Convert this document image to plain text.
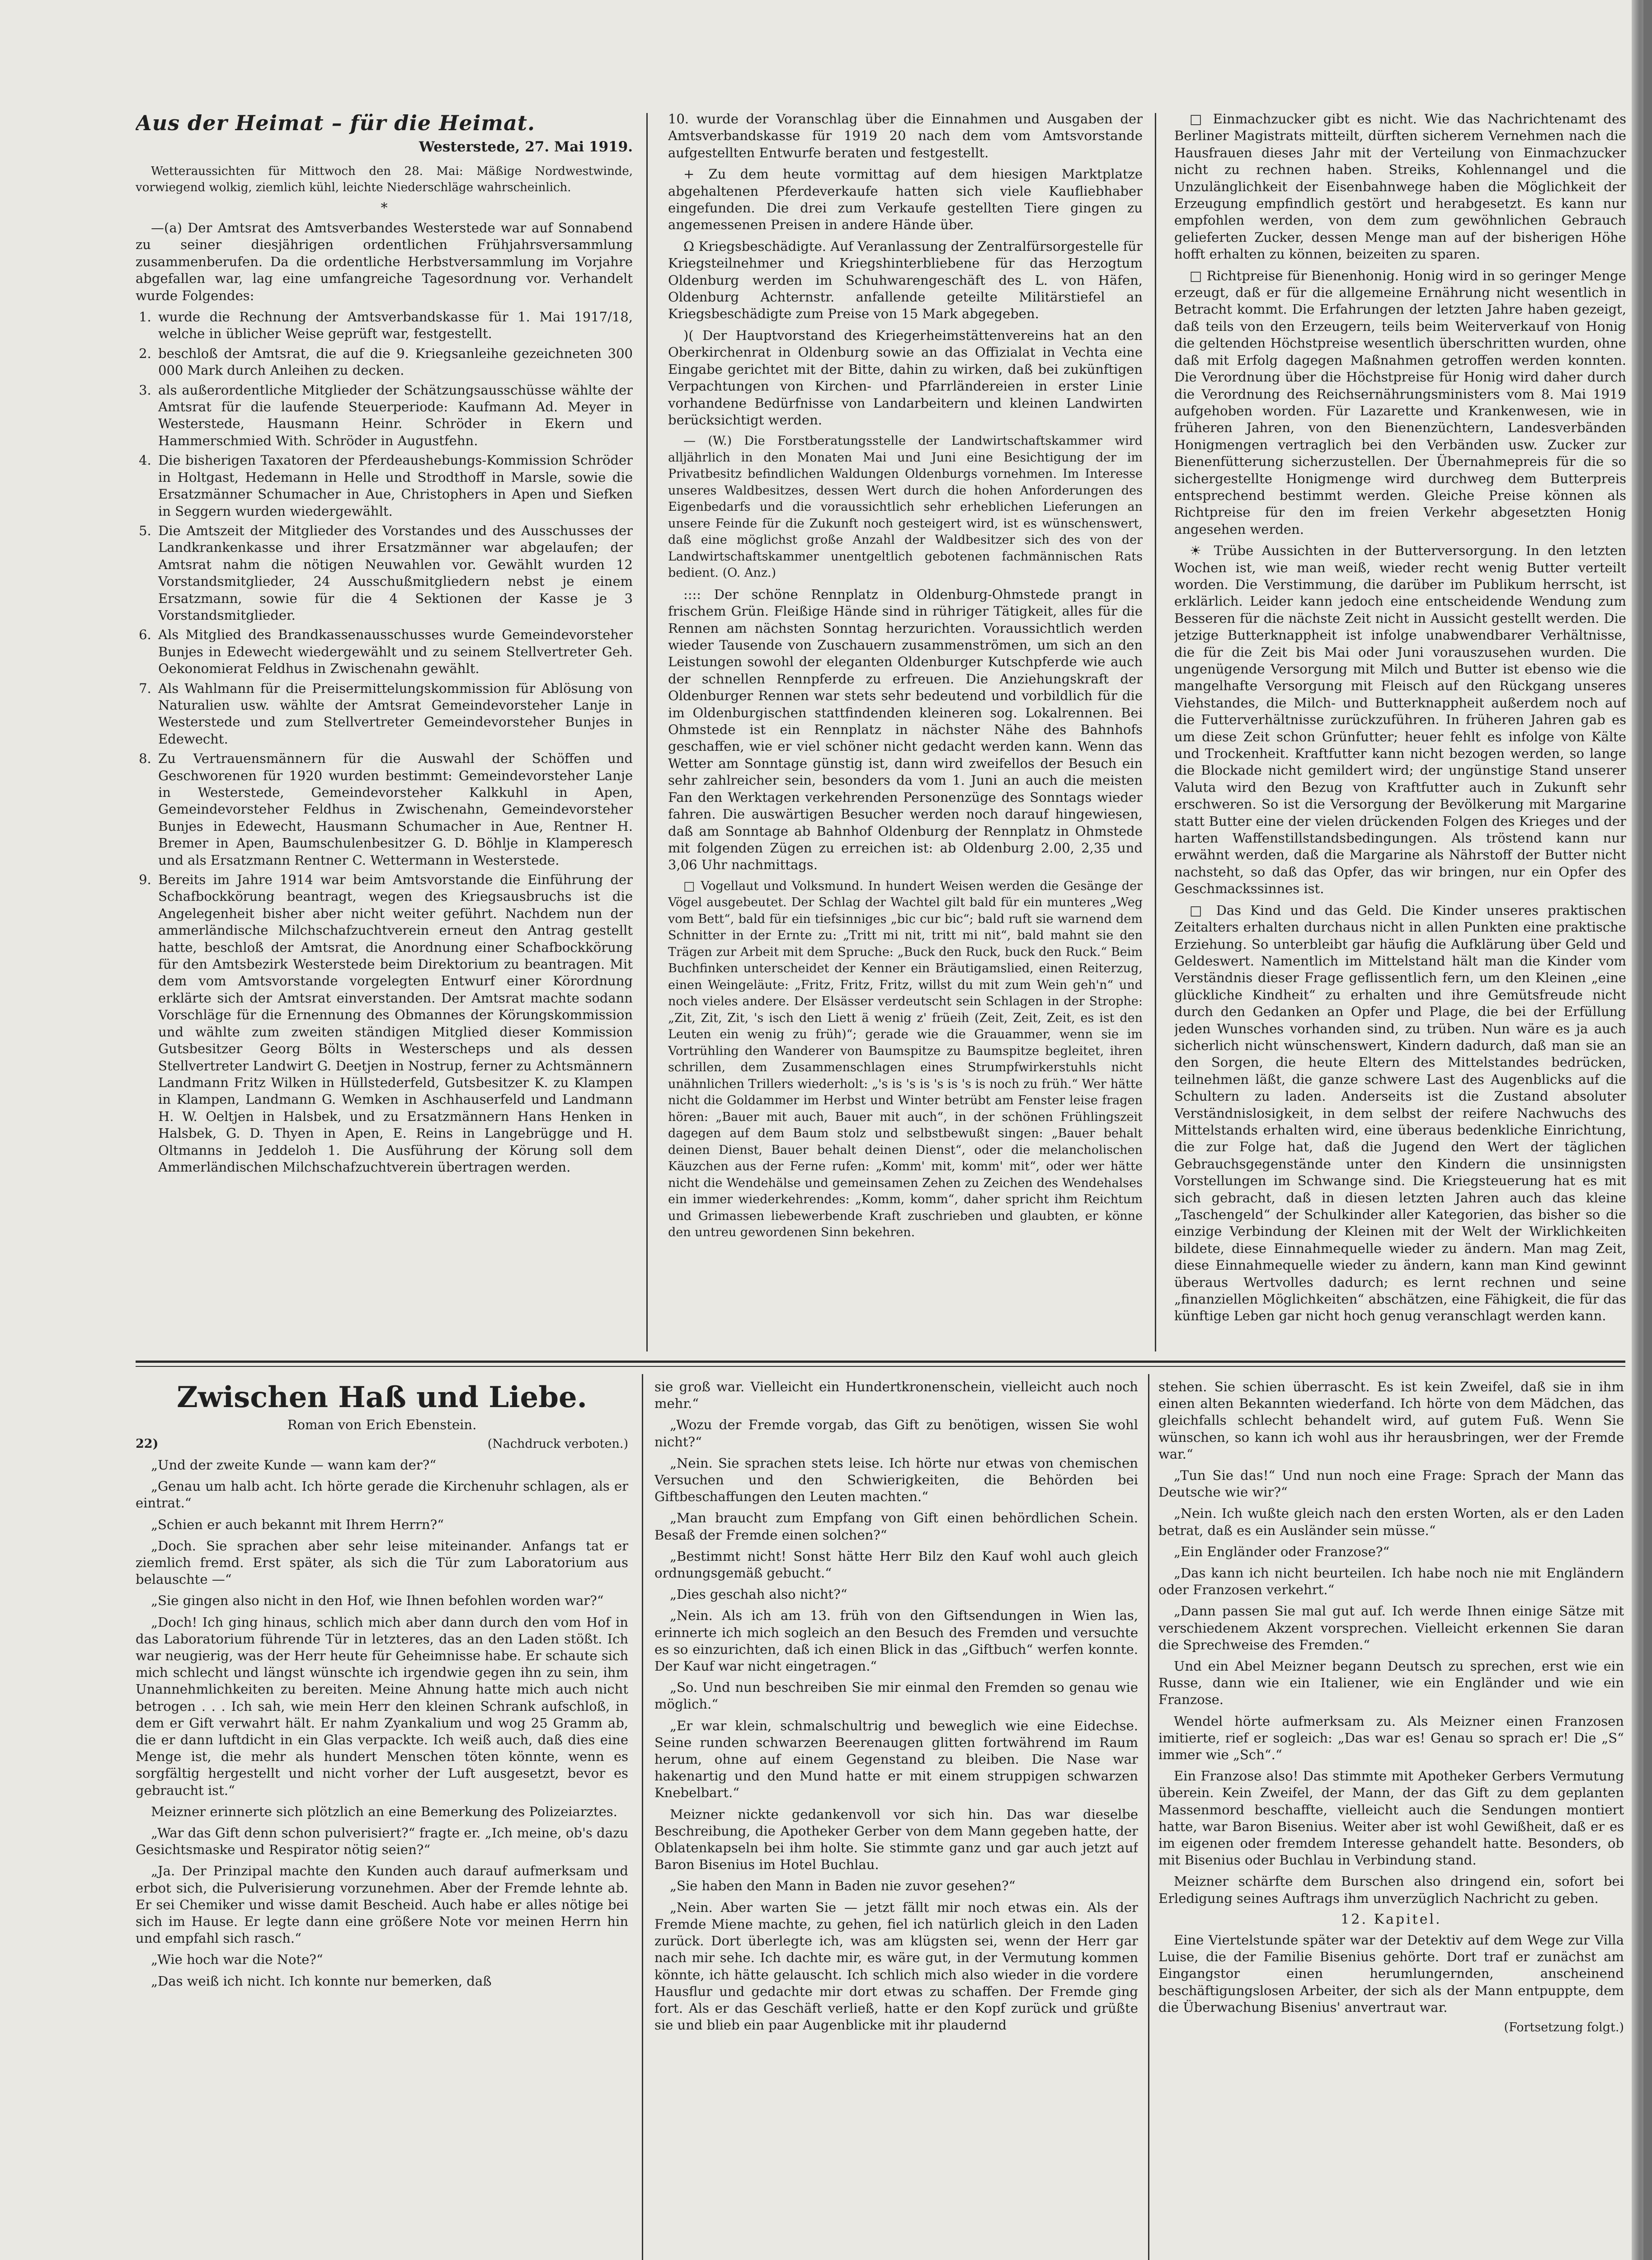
Aus der Heimat – für die Heimat.
Westerstede, 27. Mai 1919.

Wetteraussichten für Mittwoch den 28. Mai: Mäßige Nordwestwinde, vorwiegend wolkig, ziemlich kühl, leichte Niederschläge wahrscheinlich.

*

—(a) Der Amtsrat des Amtsverbandes Westerstede war auf Sonnabend zu seiner diesjährigen ordentlichen Frühjahrsversammlung zusammenberufen. Da die ordentliche Herbstversammlung im Vorjahre abgefallen war, lag eine umfangreiche Tagesordnung vor. Verhandelt wurde Folgendes:

1. wurde die Rechnung der Amtsverbandskasse für 1. Mai 1917/18, welche in üblicher Weise geprüft war, festgestellt.
2. beschloß der Amtsrat, die auf die 9. Kriegsanleihe gezeichneten 300 000 Mark durch Anleihen zu decken.
3. als außerordentliche Mitglieder der Schätzungsausschüsse wählte der Amtsrat für die laufende Steuerperiode: Kaufmann Ad. Meyer in Westerstede, Hausmann Heinr. Schröder in Ekern und Hammerschmied With. Schröder in Augustfehn.
4. Die bisherigen Taxatoren der Pferdeaushebungs-Kommission Schröder in Holtgast, Hedemann in Helle und Strodthoff in Marsle, sowie die Ersatzmänner Schumacher in Aue, Christophers in Apen und Siefken in Seggern wurden wiedergewählt.
5. Die Amtszeit der Mitglieder des Vorstandes und des Ausschusses der Landkrankenkasse und ihrer Ersatzmänner war abgelaufen; der Amtsrat nahm die nötigen Neuwahlen vor. Gewählt wurden 12 Vorstandsmitglieder, 24 Ausschußmitgliedern nebst je einem Ersatzmann, sowie für die 4 Sektionen der Kasse je 3 Vorstandsmitglieder.
6. Als Mitglied des Brandkassenausschusses wurde Gemeindevorsteher Bunjes in Edewecht wiedergewählt und zu seinem Stellvertreter Geh. Oekonomierat Feldhus in Zwischenahn gewählt.
7. Als Wahlmann für die Preisermittelungskommission für Ablösung von Naturalien usw. wählte der Amtsrat Gemeindevorsteher Lanje in Westerstede und zum Stellvertreter Gemeindevorsteher Bunjes in Edewecht.
8. Zu Vertrauensmännern für die Auswahl der Schöffen und Geschworenen für 1920 wurden bestimmt: Gemeindevorsteher Lanje in Westerstede, Gemeindevorsteher Kalkkuhl in Apen, Gemeindevorsteher Feldhus in Zwischenahn, Gemeindevorsteher Bunjes in Edewecht, Hausmann Schumacher in Aue, Rentner H. Bremer in Apen, Baumschulenbesitzer G. D. Böhlje in Klamperesch und als Ersatzmann Rentner C. Wettermann in Westerstede.
9. Bereits im Jahre 1914 war beim Amtsvorstande die Einführung der Schafbockkörung beantragt, wegen des Kriegsausbruchs ist die Angelegenheit bisher aber nicht weiter geführt. Nachdem nun der ammerländische Milchschafzuchtverein erneut den Antrag gestellt hatte, beschloß der Amtsrat, die Anordnung einer Schafbockkörung für den Amtsbezirk Westerstede beim Direktorium zu beantragen. Mit dem vom Amtsvorstande vorgelegten Entwurf einer Körordnung erklärte sich der Amtsrat einverstanden. Der Amtsrat machte sodann Vorschläge für die Ernennung des Obmannes der Körungskommission und wählte zum zweiten ständigen Mitglied dieser Kommission Gutsbesitzer Georg Bölts in Westerscheps und als dessen Stellvertreter Landwirt G. Deetjen in Nostrup, ferner zu Achtsmännern Landmann Fritz Wilken in Hüllstederfeld, Gutsbesitzer K. zu Klampen in Klampen, Landmann G. Wemken in Aschhauserfeld und Landmann H. W. Oeltjen in Halsbek, und zu Ersatzmännern Hans Henken in Halsbek, G. D. Thyen in Apen, E. Reins in Langebrügge und H. Oltmanns in Jeddeloh 1. Die Ausführung der Körung soll dem Ammerländischen Milchschafzuchtverein übertragen werden.

10. wurde der Voranschlag über die Einnahmen und Ausgaben der Amtsverbandskasse für 1919 20 nach dem vom Amtsvorstande aufgestellten Entwurfe beraten und festgestellt.

+ Zu dem heute vormittag auf dem hiesigen Marktplatze abgehaltenen Pferdeverkaufe hatten sich viele Kaufliebhaber eingefunden. Die drei zum Verkaufe gestellten Tiere gingen zu angemessenen Preisen in andere Hände über.

Ω Kriegsbeschädigte. Auf Veranlassung der Zentralfürsorgestelle für Kriegsteilnehmer und Kriegshinterbliebene für das Herzogtum Oldenburg werden im Schuhwarengeschäft des L. von Häfen, Oldenburg Achternstr. anfallende geteilte Militärstiefel an Kriegsbeschädigte zum Preise von 15 Mark abgegeben.

)( Der Hauptvorstand des Kriegerheimstättenvereins hat an den Oberkirchenrat in Oldenburg sowie an das Offizialat in Vechta eine Eingabe gerichtet mit der Bitte, dahin zu wirken, daß bei zukünftigen Verpachtungen von Kirchen- und Pfarrländereien in erster Linie vorhandene Bedürfnisse von Landarbeitern und kleinen Landwirten berücksichtigt werden.

— (W.) Die Forstberatungsstelle der Landwirtschaftskammer wird alljährlich in den Monaten Mai und Juni eine Besichtigung der im Privatbesitz befindlichen Waldungen Oldenburgs vornehmen. Im Interesse unseres Waldbesitzes, dessen Wert durch die hohen Anforderungen des Eigenbedarfs und die voraussichtlich sehr erheblichen Lieferungen an unsere Feinde für die Zukunft noch gesteigert wird, ist es wünschenswert, daß eine möglichst große Anzahl der Waldbesitzer sich des von der Landwirtschaftskammer unentgeltlich gebotenen fachmännischen Rats bedient. (O. Anz.)

:::: Der schöne Rennplatz in Oldenburg-Ohmstede prangt in frischem Grün. Fleißige Hände sind in rühriger Tätigkeit, alles für die Rennen am nächsten Sonntag herzurichten. Voraussichtlich werden wieder Tausende von Zuschauern zusammenströmen, um sich an den Leistungen sowohl der eleganten Oldenburger Kutschpferde wie auch der schnellen Rennpferde zu erfreuen. Die Anziehungskraft der Oldenburger Rennen war stets sehr bedeutend und vorbildlich für die im Oldenburgischen stattfindenden kleineren sog. Lokalrennen. Bei Ohmstede ist ein Rennplatz in nächster Nähe des Bahnhofs geschaffen, wie er viel schöner nicht gedacht werden kann. Wenn das Wetter am Sonntage günstig ist, dann wird zweifellos der Besuch ein sehr zahlreicher sein, besonders da vom 1. Juni an auch die meisten Fan den Werktagen verkehrenden Personenzüge des Sonntags wieder fahren. Die auswärtigen Besucher werden noch darauf hingewiesen, daß am Sonntage ab Bahnhof Oldenburg der Rennplatz in Ohmstede mit folgenden Zügen zu erreichen ist: ab Oldenburg 2.00, 2,35 und 3,06 Uhr nachmittags.

□ Vogellaut und Volksmund. In hundert Weisen werden die Gesänge der Vögel ausgebeutet. Der Schlag der Wachtel gilt bald für ein munteres „Weg vom Bett“, bald für ein tiefsinniges „bic cur bic“; bald ruft sie warnend dem Schnitter in der Ernte zu: „Tritt mi nit, tritt mi nit“, bald mahnt sie den Trägen zur Arbeit mit dem Spruche: „Buck den Ruck, buck den Ruck.“ Beim Buchfinken unterscheidet der Kenner ein Bräutigamslied, einen Reiterzug, einen Weingeläute: „Fritz, Fritz, Fritz, willst du mit zum Wein geh'n“ und noch vieles andere. Der Elsässer verdeutscht sein Schlagen in der Strophe: „Zit, Zit, Zit, 's isch den Liett ä wenig z' früeih (Zeit, Zeit, Zeit, es ist den Leuten ein wenig zu früh)“; gerade wie die Grauammer, wenn sie im Vortrühling den Wanderer von Baumspitze zu Baumspitze begleitet, ihren schrillen, dem Zusammenschlagen eines Strumpfwirkerstuhls nicht unähnlichen Trillers wiederholt: „'s is 's is 's is 's is noch zu früh.“ Wer hätte nicht die Goldammer im Herbst und Winter betrübt am Fenster leise fragen hören: „Bauer mit auch, Bauer mit auch“, in der schönen Frühlingszeit dagegen auf dem Baum stolz und selbstbewußt singen: „Bauer behalt deinen Dienst, Bauer behalt deinen Dienst“, oder die melancholischen Käuzchen aus der Ferne rufen: „Komm' mit, komm' mit“, oder wer hätte nicht die Wendehälse und gemeinsamen Zehen zu Zeichen des Wendehalses ein immer wiederkehrendes: „Komm, komm“, daher spricht ihm Reichtum und Grimassen liebewerbende Kraft zuschrieben und glaubten, er könne den untreu gewordenen Sinn bekehren.

□ Einmachzucker gibt es nicht. Wie das Nachrichtenamt des Berliner Magistrats mitteilt, dürften sicherem Vernehmen nach die Hausfrauen dieses Jahr mit der Verteilung von Einmachzucker nicht zu rechnen haben. Streiks, Kohlennangel und die Unzulänglichkeit der Eisenbahnwege haben die Möglichkeit der Erzeugung empfindlich gestört und herabgesetzt. Es kann nur empfohlen werden, von dem zum gewöhnlichen Gebrauch gelieferten Zucker, dessen Menge man auf der bisherigen Höhe hofft erhalten zu können, beizeiten zu sparen.

□ Richtpreise für Bienenhonig. Honig wird in so geringer Menge erzeugt, daß er für die allgemeine Ernährung nicht wesentlich in Betracht kommt. Die Erfahrungen der letzten Jahre haben gezeigt, daß teils von den Erzeugern, teils beim Weiterverkauf von Honig die geltenden Höchstpreise wesentlich überschritten wurden, ohne daß mit Erfolg dagegen Maßnahmen getroffen werden konnten. Die Verordnung über die Höchstpreise für Honig wird daher durch die Verordnung des Reichsernährungsministers vom 8. Mai 1919 aufgehoben worden. Für Lazarette und Krankenwesen, wie in früheren Jahren, von den Bienenzüchtern, Landesverbänden Honigmengen vertraglich bei den Verbänden usw. Zucker zur Bienenfütterung sicherzustellen. Der Übernahmepreis für die so sichergestellte Honigmenge wird durchweg dem Butterpreis entsprechend bestimmt werden. Gleiche Preise können als Richtpreise für den im freien Verkehr abgesetzten Honig angesehen werden.

☀ Trübe Aussichten in der Butterversorgung. In den letzten Wochen ist, wie man weiß, wieder recht wenig Butter verteilt worden. Die Verstimmung, die darüber im Publikum herrscht, ist erklärlich. Leider kann jedoch eine entscheidende Wendung zum Besseren für die nächste Zeit nicht in Aussicht gestellt werden. Die jetzige Butterknappheit ist infolge unabwendbarer Verhältnisse, die für die Zeit bis Mai oder Juni vorauszusehen wurden. Die ungenügende Versorgung mit Milch und Butter ist ebenso wie die mangelhafte Versorgung mit Fleisch auf den Rückgang unseres Viehstandes, die Milch- und Butterknappheit außerdem noch auf die Futterverhältnisse zurückzuführen. In früheren Jahren gab es um diese Zeit schon Grünfutter; heuer fehlt es infolge von Kälte und Trockenheit. Kraftfutter kann nicht bezogen werden, so lange die Blockade nicht gemildert wird; der ungünstige Stand unserer Valuta wird den Bezug von Kraftfutter auch in Zukunft sehr erschweren. So ist die Versorgung der Bevölkerung mit Margarine statt Butter eine der vielen drückenden Folgen des Krieges und der harten Waffenstillstandsbedingungen. Als tröstend kann nur erwähnt werden, daß die Margarine als Nährstoff der Butter nicht nachsteht, so daß das Opfer, das wir bringen, nur ein Opfer des Geschmackssinnes ist.

□ Das Kind und das Geld. Die Kinder unseres praktischen Zeitalters erhalten durchaus nicht in allen Punkten eine praktische Erziehung. So unterbleibt gar häufig die Aufklärung über Geld und Geldeswert. Namentlich im Mittelstand hält man die Kinder vom Verständnis dieser Frage geflissentlich fern, um den Kleinen „eine glückliche Kindheit“ zu erhalten und ihre Gemütsfreude nicht durch den Gedanken an Opfer und Plage, die bei der Erfüllung jeden Wunsches vorhanden sind, zu trüben. Nun wäre es ja auch sicherlich nicht wünschenswert, Kindern dadurch, daß man sie an den Sorgen, die heute Eltern des Mittelstandes bedrücken, teilnehmen läßt, die ganze schwere Last des Augenblicks auf die Schultern zu laden. Anderseits ist die Zustand absoluter Verständnislosigkeit, in dem selbst der reifere Nachwuchs des Mittelstands erhalten wird, eine überaus bedenkliche Einrichtung, die zur Folge hat, daß die Jugend den Wert der täglichen Gebrauchsgegenstände unter den Kindern die unsinnigsten Vorstellungen im Schwange sind. Die Kriegsteuerung hat es mit sich gebracht, daß in diesen letzten Jahren auch das kleine „Taschengeld“ der Schulkinder aller Kategorien, das bisher so die einzige Verbindung der Kleinen mit der Welt der Wirklichkeiten bildete, diese Einnahmequelle wieder zu ändern. Man mag Zeit, diese Einnahmequelle wieder zu ändern, kann man Kind gewinnt überaus Wertvolles dadurch; es lernt rechnen und seine „finanziellen Möglichkeiten“ abschätzen, eine Fähigkeit, die für das künftige Leben gar nicht hoch genug veranschlagt werden kann.

Zwischen Haß und Liebe.
Roman von Erich Ebenstein.
22)	(Nachdruck verboten.)

„Und der zweite Kunde — wann kam der?“

„Genau um halb acht. Ich hörte gerade die Kirchenuhr schlagen, als er eintrat.“

„Schien er auch bekannt mit Ihrem Herrn?“

„Doch. Sie sprachen aber sehr leise miteinander. Anfangs tat er ziemlich fremd. Erst später, als sich die Tür zum Laboratorium aus belauschte —“

„Sie gingen also nicht in den Hof, wie Ihnen befohlen worden war?“

„Doch! Ich ging hinaus, schlich mich aber dann durch den vom Hof in das Laboratorium führende Tür in letzteres, das an den Laden stößt. Ich war neugierig, was der Herr heute für Geheimnisse habe. Er schaute sich mich schlecht und längst wünschte ich irgendwie gegen ihn zu sein, ihm Unannehmlichkeiten zu bereiten. Meine Ahnung hatte mich auch nicht betrogen . . . Ich sah, wie mein Herr den kleinen Schrank aufschloß, in dem er Gift verwahrt hält. Er nahm Zyankalium und wog 25 Gramm ab, die er dann luftdicht in ein Glas verpackte. Ich weiß auch, daß dies eine Menge ist, die mehr als hundert Menschen töten könnte, wenn es sorgfältig hergestellt und nicht vorher der Luft ausgesetzt, bevor es gebraucht ist.“

Meizner erinnerte sich plötzlich an eine Bemerkung des Polizeiarztes.

„War das Gift denn schon pulverisiert?“ fragte er. „Ich meine, ob's dazu Gesichtsmaske und Respirator nötig seien?“

„Ja. Der Prinzipal machte den Kunden auch darauf aufmerksam und erbot sich, die Pulverisierung vorzunehmen. Aber der Fremde lehnte ab. Er sei Chemiker und wisse damit Bescheid. Auch habe er alles nötige bei sich im Hause. Er legte dann eine größere Note vor meinen Herrn hin und empfahl sich rasch.“

„Wie hoch war die Note?“

„Das weiß ich nicht. Ich konnte nur bemerken, daß

sie groß war. Vielleicht ein Hundertkronenschein, vielleicht auch noch mehr.“

„Wozu der Fremde vorgab, das Gift zu benötigen, wissen Sie wohl nicht?“

„Nein. Sie sprachen stets leise. Ich hörte nur etwas von chemischen Versuchen und den Schwierigkeiten, die Behörden bei Giftbeschaffungen den Leuten machten.“

„Man braucht zum Empfang von Gift einen behördlichen Schein. Besaß der Fremde einen solchen?“

„Bestimmt nicht! Sonst hätte Herr Bilz den Kauf wohl auch gleich ordnungsgemäß gebucht.“

„Dies geschah also nicht?“

„Nein. Als ich am 13. früh von den Giftsendungen in Wien las, erinnerte ich mich sogleich an den Besuch des Fremden und versuchte es so einzurichten, daß ich einen Blick in das „Giftbuch“ werfen konnte. Der Kauf war nicht eingetragen.“

„So. Und nun beschreiben Sie mir einmal den Fremden so genau wie möglich.“

„Er war klein, schmalschultrig und beweglich wie eine Eidechse. Seine runden schwarzen Beerenaugen glitten fortwährend im Raum herum, ohne auf einem Gegenstand zu bleiben. Die Nase war hakenartig und den Mund hatte er mit einem struppigen schwarzen Knebelbart.“

Meizner nickte gedankenvoll vor sich hin. Das war dieselbe Beschreibung, die Apotheker Gerber von dem Mann gegeben hatte, der Oblatenkapseln bei ihm holte. Sie stimmte ganz und gar auch jetzt auf Baron Bisenius im Hotel Buchlau.

„Sie haben den Mann in Baden nie zuvor gesehen?“

„Nein. Aber warten Sie — jetzt fällt mir noch etwas ein. Als der Fremde Miene machte, zu gehen, fiel ich natürlich gleich in den Laden zurück. Dort überlegte ich, was am klügsten sei, wenn der Herr gar nach mir sehe. Ich dachte mir, es wäre gut, in der Vermutung kommen könnte, ich hätte gelauscht. Ich schlich mich also wieder in die vordere Hausflur und gedachte mir dort etwas zu schaffen. Der Fremde ging fort. Als er das Geschäft verließ, hatte er den Kopf zurück und grüßte sie und blieb ein paar Augenblicke mit ihr plaudernd

stehen. Sie schien überrascht. Es ist kein Zweifel, daß sie in ihm einen alten Bekannten wiederfand. Ich hörte von dem Mädchen, das gleichfalls schlecht behandelt wird, auf gutem Fuß. Wenn Sie wünschen, so kann ich wohl aus ihr herausbringen, wer der Fremde war.“

„Tun Sie das!“ Und nun noch eine Frage: Sprach der Mann das Deutsche wie wir?“

„Nein. Ich wußte gleich nach den ersten Worten, als er den Laden betrat, daß es ein Ausländer sein müsse.“

„Ein Engländer oder Franzose?“

„Das kann ich nicht beurteilen. Ich habe noch nie mit Engländern oder Franzosen verkehrt.“

„Dann passen Sie mal gut auf. Ich werde Ihnen einige Sätze mit verschiedenem Akzent vorsprechen. Vielleicht erkennen Sie daran die Sprechweise des Fremden.“

Und ein Abel Meizner begann Deutsch zu sprechen, erst wie ein Russe, dann wie ein Italiener, wie ein Engländer und wie ein Franzose.

Wendel hörte aufmerksam zu. Als Meizner einen Franzosen imitierte, rief er sogleich: „Das war es! Genau so sprach er! Die „S“ immer wie „Sch“.“

Ein Franzose also! Das stimmte mit Apotheker Gerbers Vermutung überein. Kein Zweifel, der Mann, der das Gift zu dem geplanten Massenmord beschaffte, vielleicht auch die Sendungen montiert hatte, war Baron Bisenius. Weiter aber ist wohl Gewißheit, daß er es im eigenen oder fremdem Interesse gehandelt hatte. Besonders, ob mit Bisenius oder Buchlau in Verbindung stand.

Meizner schärfte dem Burschen also dringend ein, sofort bei Erledigung seines Auftrags ihm unverzüglich Nachricht zu geben.

12. Kapitel.

Eine Viertelstunde später war der Detektiv auf dem Wege zur Villa Luise, die der Familie Bisenius gehörte. Dort traf er zunächst am Eingangstor einen herumlungernden, anscheinend beschäftigungslosen Arbeiter, der sich als der Mann entpuppte, dem die Überwachung Bisenius' anvertraut war.

(Fortsetzung folgt.)
